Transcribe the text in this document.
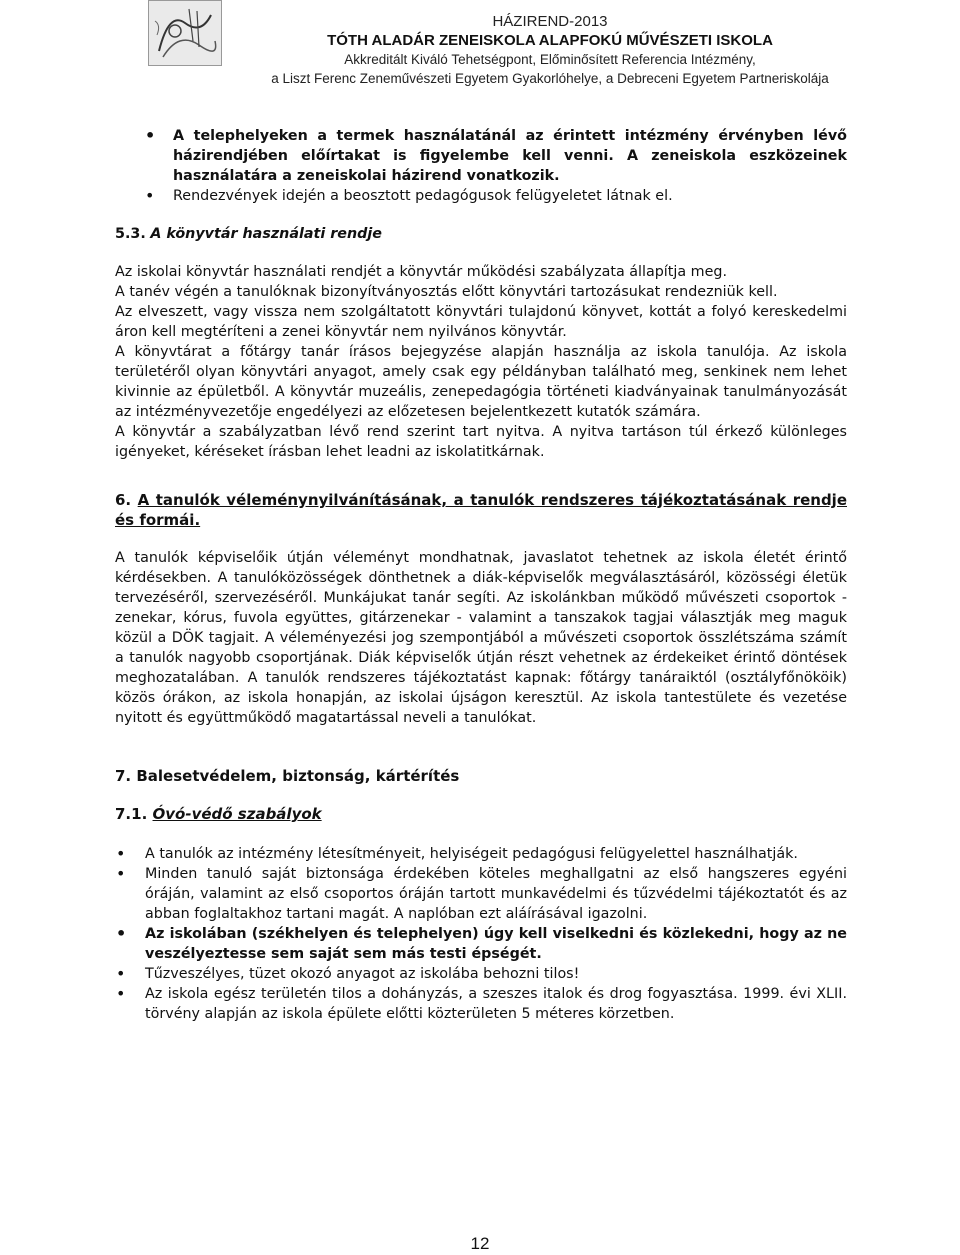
HÁZIREND-2013
TÓTH ALADÁR ZENEISKOLA ALAPFOKÚ MŰVÉSZETI ISKOLA
Akkreditált Kiváló Tehetségpont, Előminősített Referencia Intézmény,
a Liszt Ferenc Zeneművészeti Egyetem Gyakorlóhelye, a Debreceni Egyetem Partneriskolája
• A telephelyeken a termek használatánál az érintett intézmény érvényben lévő házirendjében előírtakat is figyelembe kell venni. A zeneiskola eszközeinek használatára a zeneiskolai házirend vonatkozik.
• Rendezvények idején a beosztott pedagógusok felügyeletet látnak el.

5.3. A könyvtár használati rendje

Az iskolai könyvtár használati rendjét a könyvtár működési szabályzata állapítja meg.

A tanév végén a tanulóknak bizonyítványosztás előtt könyvtári tartozásukat rendezniük kell.

Az elveszett, vagy vissza nem szolgáltatott könyvtári tulajdonú könyvet, kottát a folyó kereskedelmi áron kell megtéríteni a zenei könyvtár nem nyilvános könyvtár.

A könyvtárat a főtárgy tanár írásos bejegyzése alapján használja az iskola tanulója. Az iskola területéről olyan könyvtári anyagot, amely csak egy példányban található meg, senkinek nem lehet kivinnie az épületből. A könyvtár muzeális, zenepedagógia történeti kiadványainak tanulmányozását az intézményvezetője engedélyezi az előzetesen bejelentkezett kutatók számára.

A könyvtár a szabályzatban lévő rend szerint tart nyitva. A nyitva tartáson túl érkező különleges igényeket, kéréseket írásban lehet leadni az iskolatitkárnak.

6. A tanulók véleménynyilvánításának, a tanulók rendszeres tájékoztatásának rendje és formái.

A tanulók képviselőik útján véleményt mondhatnak, javaslatot tehetnek az iskola életét érintő kérdésekben. A tanulóközösségek dönthetnek a diák-képviselők megválasztásáról, közösségi életük tervezéséről, szervezéséről. Munkájukat tanár segíti. Az iskolánkban működő művészeti csoportok - zenekar, kórus, fuvola együttes, gitárzenekar - valamint a tanszakok tagjai választják meg maguk közül a DÖK tagjait. A véleményezési jog szempontjából a művészeti csoportok összlétszáma számít a tanulók nagyobb csoportjának. Diák képviselők útján részt vehetnek az érdekeiket érintő döntések meghozatalában. A tanulók rendszeres tájékoztatást kapnak: főtárgy tanáraiktól (osztályfőnököik) közös órákon, az iskola honapján, az iskolai újságon keresztül. Az iskola tantestülete és vezetése nyitott és együttműködő magatartással neveli a tanulókat.

7. Balesetvédelem, biztonság, kártérítés

7.1. Óvó-védő szabályok

• A tanulók az intézmény létesítményeit, helyiségeit pedagógusi felügyelettel használhatják.
• Minden tanuló saját biztonsága érdekében köteles meghallgatni az első hangszeres egyéni óráján, valamint az első csoportos óráján tartott munkavédelmi és tűzvédelmi tájékoztatót és az abban foglaltakhoz tartani magát. A naplóban ezt aláírásával igazolni.
• Az iskolában (székhelyen és telephelyen) úgy kell viselkedni és közlekedni, hogy az ne veszélyeztesse sem saját sem más testi épségét.
• Tűzveszélyes, tüzet okozó anyagot az iskolába behozni tilos!
• Az iskola egész területén tilos a dohányzás, a szeszes italok és drog fogyasztása. 1999. évi XLII. törvény alapján az iskola épülete előtti közterületen 5 méteres körzetben.
12
